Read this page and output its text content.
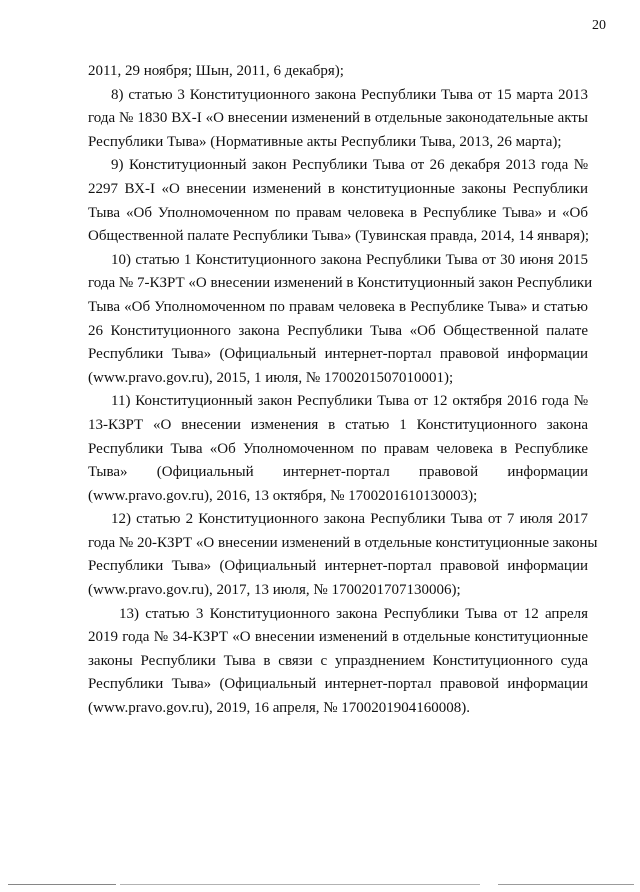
20
2011, 29 ноября; Шын, 2011, 6 декабря);
8) статью 3 Конституционного закона Республики Тыва от 15 марта 2013
года № 1830 ВХ-I «О внесении изменений в отдельные законодательные акты
Республики Тыва» (Нормативные акты Республики Тыва, 2013, 26 марта);
9) Конституционный закон Республики Тыва от 26 декабря 2013 года №
2297 ВХ-I «О внесении изменений в конституционные законы Республики
Тыва «Об Уполномоченном по правам человека в Республике Тыва» и «Об
Общественной палате Республики Тыва» (Тувинская правда, 2014, 14 января);
10) статью 1 Конституционного закона Республики Тыва от 30 июня 2015
года № 7-КЗРТ «О внесении изменений в Конституционный закон Республики
Тыва «Об Уполномоченном по правам человека в Республике Тыва» и статью
26 Конституционного закона Республики Тыва «Об Общественной палате
Республики Тыва» (Официальный интернет-портал правовой информации
(www.pravo.gov.ru), 2015, 1 июля, № 1700201507010001);
11) Конституционный закон Республики Тыва от 12 октября 2016 года №
13-КЗРТ «О внесении изменения в статью 1 Конституционного закона
Республики Тыва «Об Уполномоченном по правам человека в Республике
Тыва» (Официальный интернет-портал правовой информации
(www.pravo.gov.ru), 2016, 13 октября, № 1700201610130003);
12) статью 2 Конституционного закона Республики Тыва от 7 июля 2017
года № 20-КЗРТ «О внесении изменений в отдельные конституционные законы
Республики Тыва» (Официальный интернет-портал правовой информации
(www.pravo.gov.ru), 2017, 13 июля, № 1700201707130006);
13) статью 3 Конституционного закона Республики Тыва от 12 апреля
2019 года № 34-КЗРТ «О внесении изменений в отдельные конституционные
законы Республики Тыва в связи с упразднением Конституционного суда
Республики Тыва» (Официальный интернет-портал правовой информации
(www.pravo.gov.ru), 2019, 16 апреля, № 1700201904160008).
